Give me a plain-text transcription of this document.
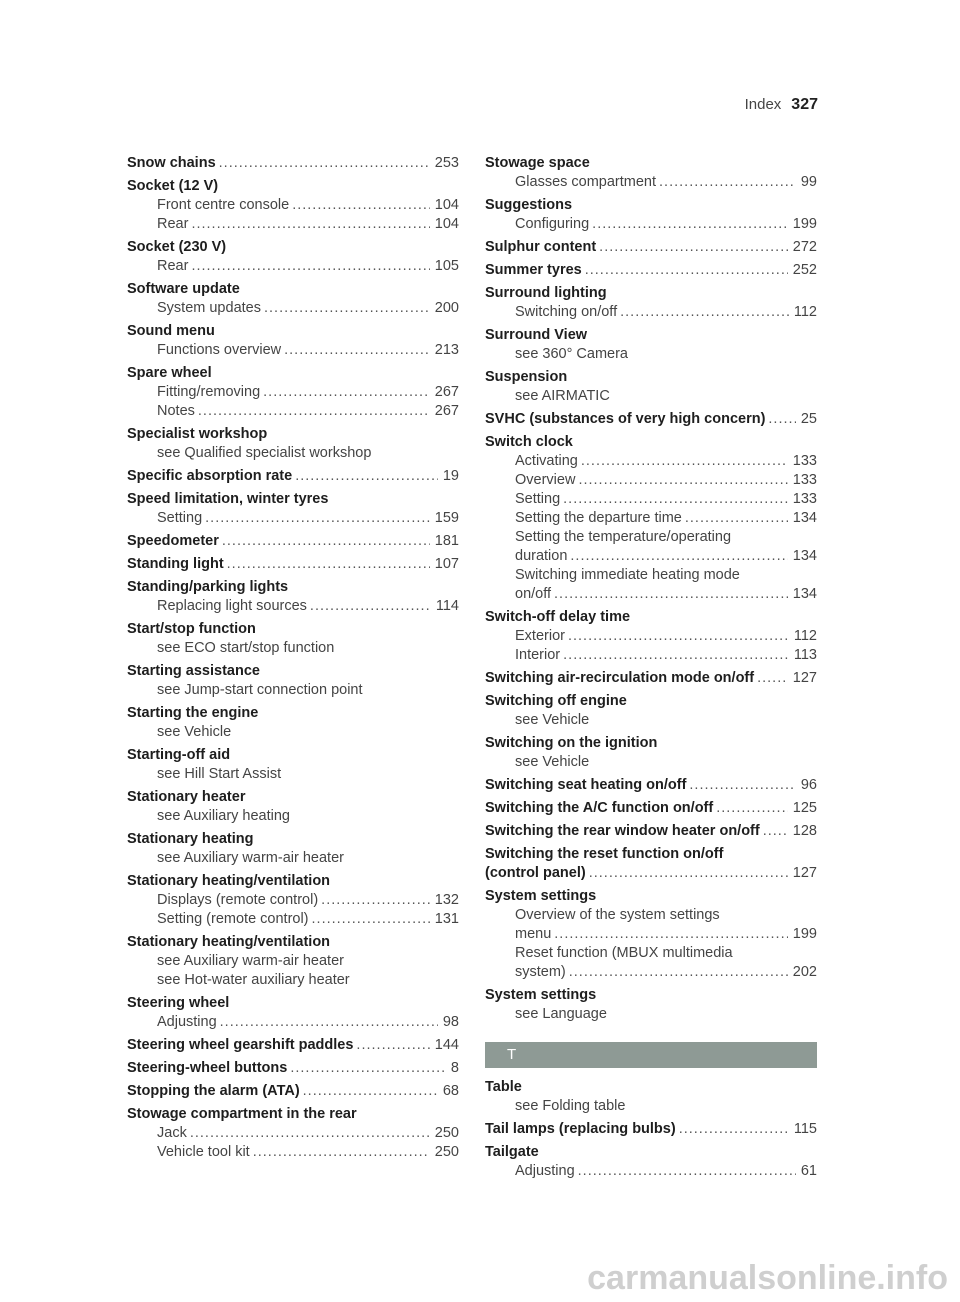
Index 327
Snow chains .....	253
Socket (12 V)
Front centre console .....	104
Rear .....	104
Socket (230 V)
Rear .....	105
Software update
System updates .....	200
Sound menu
Functions overview .....	213
Spare wheel
Fitting/removing .....	267
Notes .....	267
Specialist workshop
see Qualified specialist workshop
Specific absorption rate .....	19
Speed limitation, winter tyres
Setting .....	159
Speedometer .....	181
Standing light .....	107
Standing/parking lights
Replacing light sources .....	114
Start/stop function
see ECO start/stop function
Starting assistance
see Jump-start connection point
Starting the engine
see Vehicle
Starting-off aid
see Hill Start Assist
Stationary heater
see Auxiliary heating
Stationary heating
see Auxiliary warm-air heater
Stationary heating/ventilation
Displays (remote control) .....	132
Setting (remote control) .....	131
Stationary heating/ventilation
see Auxiliary warm-air heater
see Hot-water auxiliary heater
Steering wheel
Adjusting .....	98
Steering wheel gearshift paddles .....	144
Steering-wheel buttons .....	8
Stopping the alarm (ATA) .....	68
Stowage compartment in the rear
Jack .....	250
Vehicle tool kit .....	250
Stowage space
Glasses compartment .....	99
Suggestions
Configuring .....	199
Sulphur content .....	272
Summer tyres .....	252
Surround lighting
Switching on/off .....	112
Surround View
see 360° Camera
Suspension
see AIRMATIC
SVHC (substances of very high concern) ..... 25
Switch clock
Activating .....	133
Overview .....	133
Setting .....	133
Setting the departure time .....	134
Setting the temperature/operating
duration .....	134
Switching immediate heating mode
on/off .....	134
Switch-off delay time
Exterior .....	112
Interior .....	113
Switching air-recirculation mode on/off .....	127
Switching off engine
see Vehicle
Switching on the ignition
see Vehicle
Switching seat heating on/off .....	96
Switching the A/C function on/off .....	125
Switching the rear window heater on/off ..... 128
Switching the reset function on/off
(control panel) .....	127
System settings
Overview of the system settings
menu .....	199
Reset function (MBUX multimedia
system) .....	202
System settings
see Language
T
Table
see Folding table
Tail lamps (replacing bulbs) .....	115
Tailgate
Adjusting .....	61
carmanualsonline.info
